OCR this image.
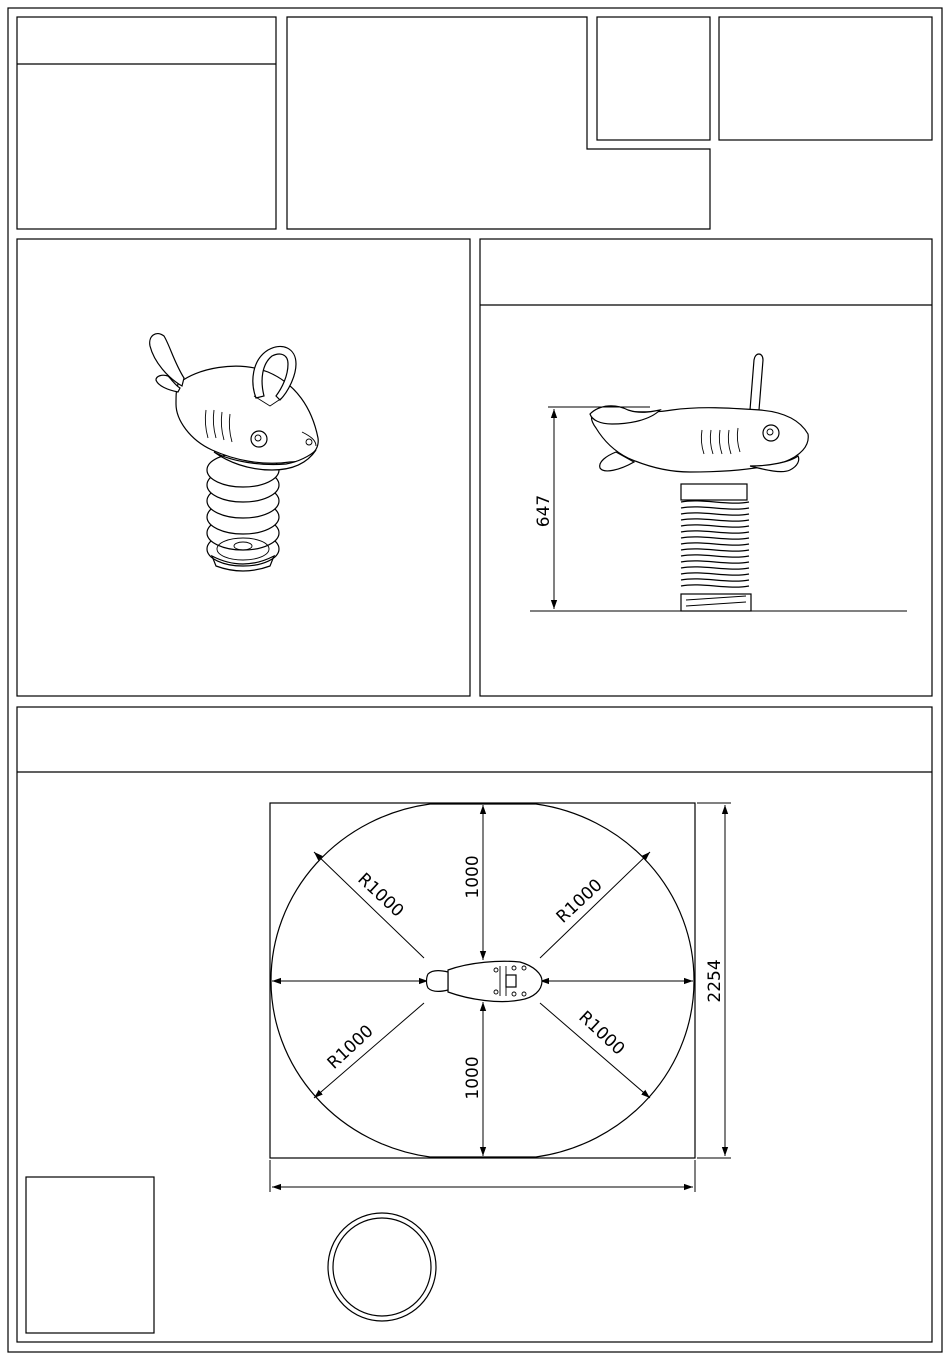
647
R1000	R1000
R1000	R1000
1000
1000
2254
